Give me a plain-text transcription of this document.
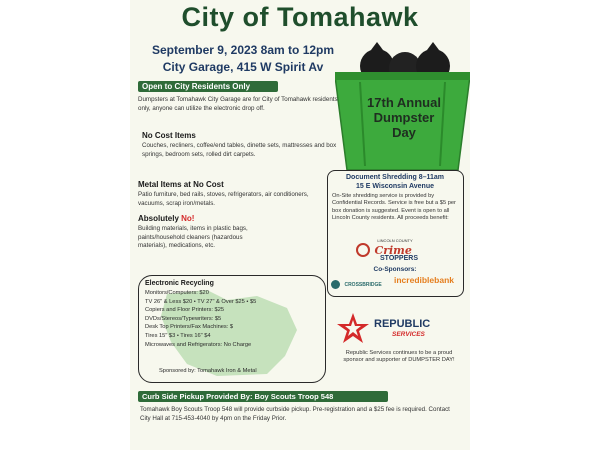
City of Tomahawk
September 9, 2023 8am to 12pm
City Garage, 415 W Spirit Av
17th Annual
Dumpster
Day
Open to City Residents Only
Dumpsters at Tomahawk City Garage are for City of Tomahawk residents only, anyone can utilize the electronic drop off.
No Cost Items
Couches, recliners, coffee/end tables, dinette sets, mattresses and box springs, bedroom sets, rolled dirt carpets.
Metal Items at No Cost
Patio furniture, bed rails, stoves, refrigerators, air conditioners, vacuums, scrap iron/metals.
Absolutely No!
Building materials, items in plastic bags, paints/household cleaners (hazardous materials), medications, etc.
Document Shredding 8–11am
15 E Wisconsin Avenue
On-Site shredding service is provided by Confidential Records. Service is free but a $5 per box donation is suggested. Event is open to all Lincoln County residents. All proceeds benefit:
LINCOLN COUNTY
Crime
STOPPERS
Co-Sponsors:
CROSSBRIDGE incrediblebank
Electronic Recycling
Monitors/Computers: $20
TV 26" & Less $20 • TV 27" & Over $25 • $5
Copiers and Floor Printers: $25
DVDs/Stereos/Typewriters: $5
Desk Top Printers/Fax Machines: $
Tires 15" $3 • Tires 16" $4
Microwaves and Refrigerators: No Charge
Sponsored by: Tomahawk Iron & Metal
REPUBLIC
SERVICES
Republic Services continues to be a proud sponsor and supporter of DUMPSTER DAY!
Curb Side Pickup Provided By: Boy Scouts Troop 548
Tomahawk Boy Scouts Troop 548 will provide curbside pickup. Pre-registration and a $25 fee is required. Contact City Hall at 715-453-4040 by 4pm on the Friday Prior.
